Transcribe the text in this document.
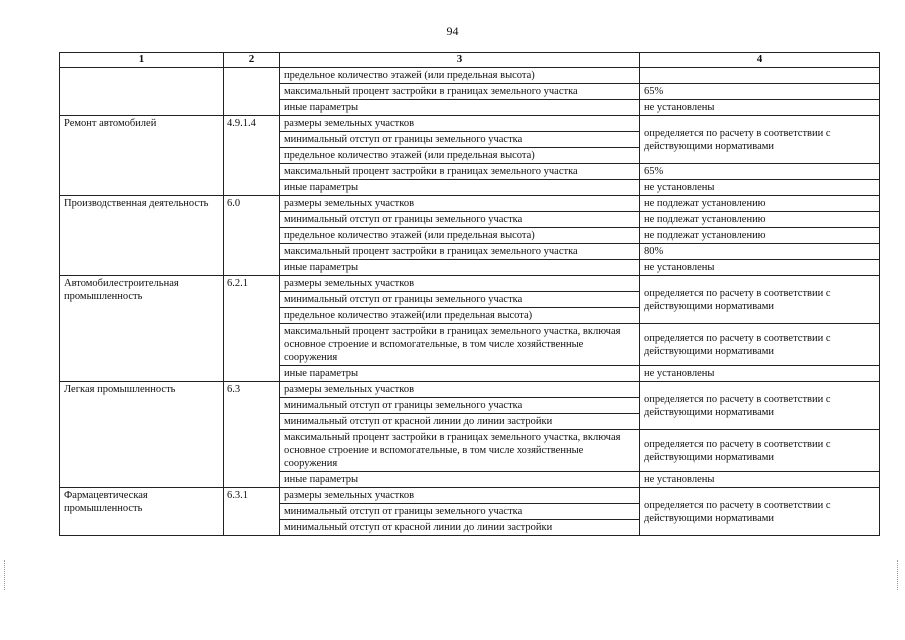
94
1	2	3	4
		предельное количество этажей (или предельная высота)	
		максимальный процент застройки в границах земельного участка	65%
		иные параметры	не установлены
Ремонт автомобилей	4.9.1.4	размеры земельных участков	определяется по расчету в соответствии с действующими нормативами
		минимальный отступ от границы земельного участка	
		предельное количество этажей (или предельная высота)	
		максимальный процент застройки в границах земельного участка	65%
		иные параметры	не установлены
Производственная деятельность	6.0	размеры земельных участков	не подлежат установлению
		минимальный отступ от границы земельного участка	не подлежат установлению
		предельное количество этажей (или предельная высота)	не подлежат установлению
		максимальный процент застройки в границах земельного участка	80%
		иные параметры	не установлены
Автомобилестроительная промышленность	6.2.1	размеры земельных участков	определяется по расчету в соответствии с действующими нормативами
		минимальный отступ от границы земельного участка	
		предельное количество этажей(или предельная высота)	
		максимальный процент застройки в границах земельного участка, включая основное строение и вспомогательные, в том числе хозяйственные сооружения	определяется по расчету в соответствии с действующими нормативами
		иные параметры	не установлены
Легкая промышленность	6.3	размеры земельных участков	определяется по расчету в соответствии с действующими нормативами
		минимальный отступ от границы земельного участка	
		минимальный отступ от красной линии до линии застройки	
		максимальный процент застройки в границах земельного участка, включая основное строение и вспомогательные, в том числе хозяйственные сооружения	определяется по расчету в соответствии с действующими нормативами
		иные параметры	не установлены
Фармацевтическая промышленность	6.3.1	размеры земельных участков	определяется по расчету в соответствии с действующими нормативами
		минимальный отступ от границы земельного участка	
		минимальный отступ от красной линии до линии застройки	
